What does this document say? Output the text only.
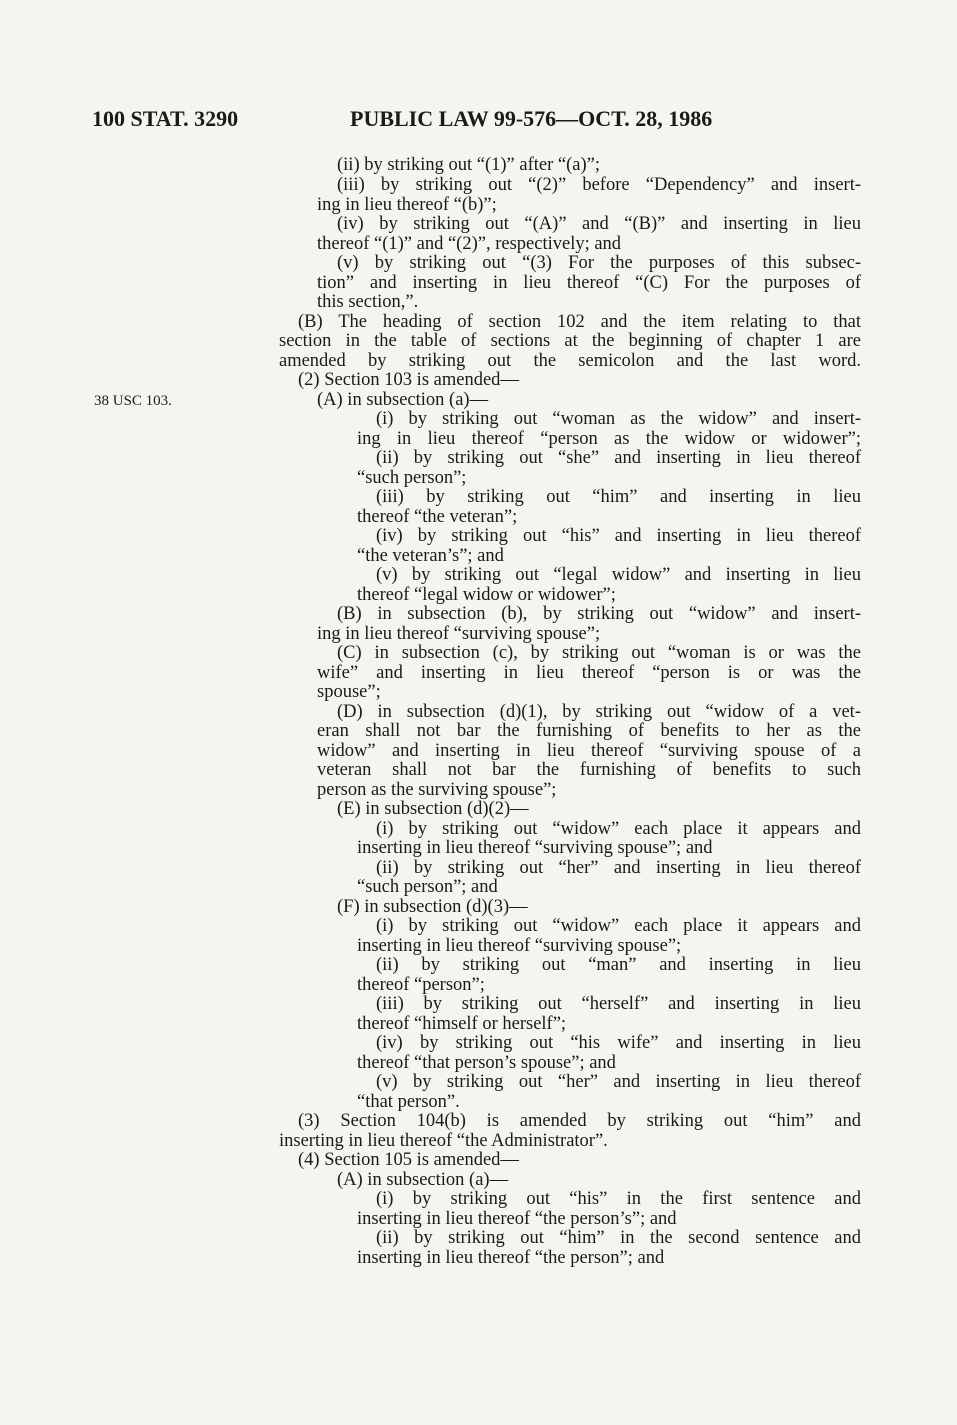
100 STAT. 3290	PUBLIC LAW 99-576—OCT. 28, 1986
38 USC 103.
(ii) by striking out “(1)” after “(a)”;
(iii) by striking out “(2)” before “Dependency” and insert-
ing in lieu thereof “(b)”;
(iv) by striking out “(A)” and “(B)” and inserting in lieu
thereof “(1)” and “(2)”, respectively; and
(v) by striking out “(3) For the purposes of this subsec-
tion” and inserting in lieu thereof “(C) For the purposes of
this section,”.
(B) The heading of section 102 and the item relating to that
section in the table of sections at the beginning of chapter 1 are
amended by striking out the semicolon and the last word.
(2) Section 103 is amended—
(A) in subsection (a)—
(i) by striking out “woman as the widow” and insert-
ing in lieu thereof “person as the widow or widower”;
(ii) by striking out “she” and inserting in lieu thereof
“such person”;
(iii) by striking out “him” and inserting in lieu
thereof “the veteran”;
(iv) by striking out “his” and inserting in lieu thereof
“the veteran’s”; and
(v) by striking out “legal widow” and inserting in lieu
thereof “legal widow or widower”;
(B) in subsection (b), by striking out “widow” and insert-
ing in lieu thereof “surviving spouse”;
(C) in subsection (c), by striking out “woman is or was the
wife” and inserting in lieu thereof “person is or was the
spouse”;
(D) in subsection (d)(1), by striking out “widow of a vet-
eran shall not bar the furnishing of benefits to her as the
widow” and inserting in lieu thereof “surviving spouse of a
veteran shall not bar the furnishing of benefits to such
person as the surviving spouse”;
(E) in subsection (d)(2)—
(i) by striking out “widow” each place it appears and
inserting in lieu thereof “surviving spouse”; and
(ii) by striking out “her” and inserting in lieu thereof
“such person”; and
(F) in subsection (d)(3)—
(i) by striking out “widow” each place it appears and
inserting in lieu thereof “surviving spouse”;
(ii) by striking out “man” and inserting in lieu
thereof “person”;
(iii) by striking out “herself” and inserting in lieu
thereof “himself or herself”;
(iv) by striking out “his wife” and inserting in lieu
thereof “that person’s spouse”; and
(v) by striking out “her” and inserting in lieu thereof
“that person”.
(3) Section 104(b) is amended by striking out “him” and
inserting in lieu thereof “the Administrator”.
(4) Section 105 is amended—
(A) in subsection (a)—
(i) by striking out “his” in the first sentence and
inserting in lieu thereof “the person’s”; and
(ii) by striking out “him” in the second sentence and
inserting in lieu thereof “the person”; and
